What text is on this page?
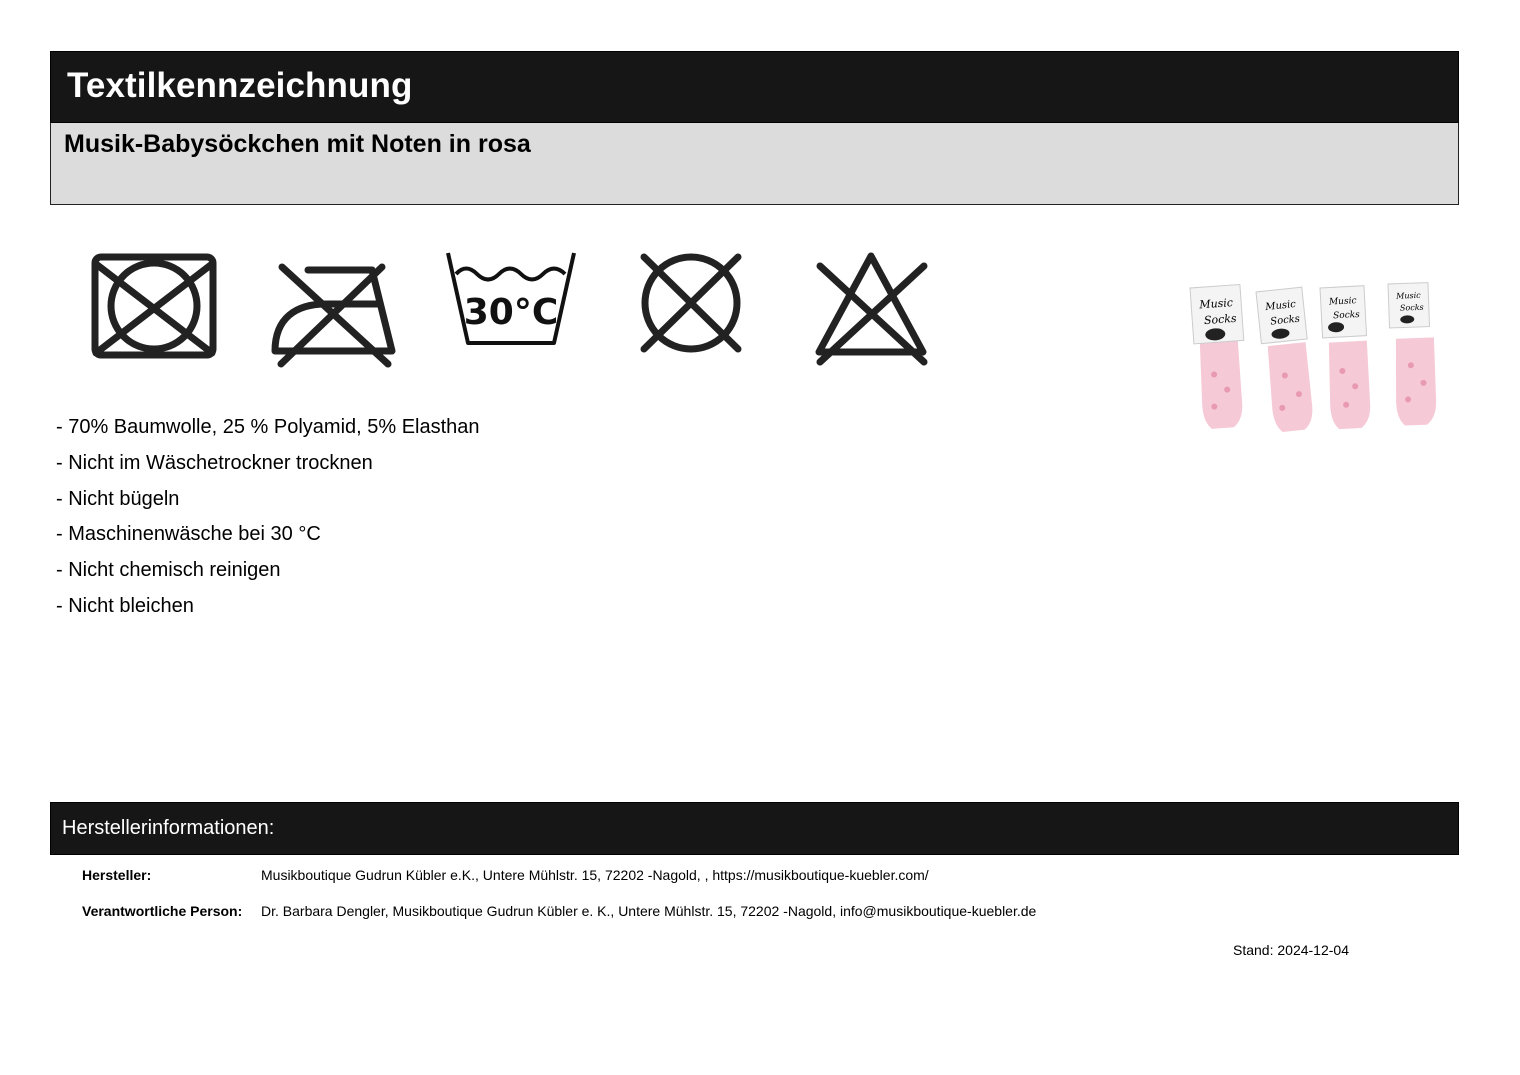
Textilkennzeichnung
Musik-Babysöckchen mit Noten in rosa
30°C
- 70% Baumwolle, 25 % Polyamid, 5% Elasthan
- Nicht im Wäschetrockner trocknen
- Nicht bügeln
- Maschinenwäsche bei 30 °C
- Nicht chemisch reinigen
- Nicht bleichen
Music
Socks
Music
Socks
Music
Socks
Music
Socks
Herstellerinformationen:
Hersteller:	Musikboutique Gudrun Kübler e.K., Untere Mühlstr. 15, 72202 -Nagold, , https://musikboutique-kuebler.com/
Verantwortliche Person: Dr. Barbara Dengler, Musikboutique Gudrun Kübler e. K., Untere Mühlstr. 15, 72202 -Nagold, info@musikboutique-kuebler.de
Stand: 2024-12-04
